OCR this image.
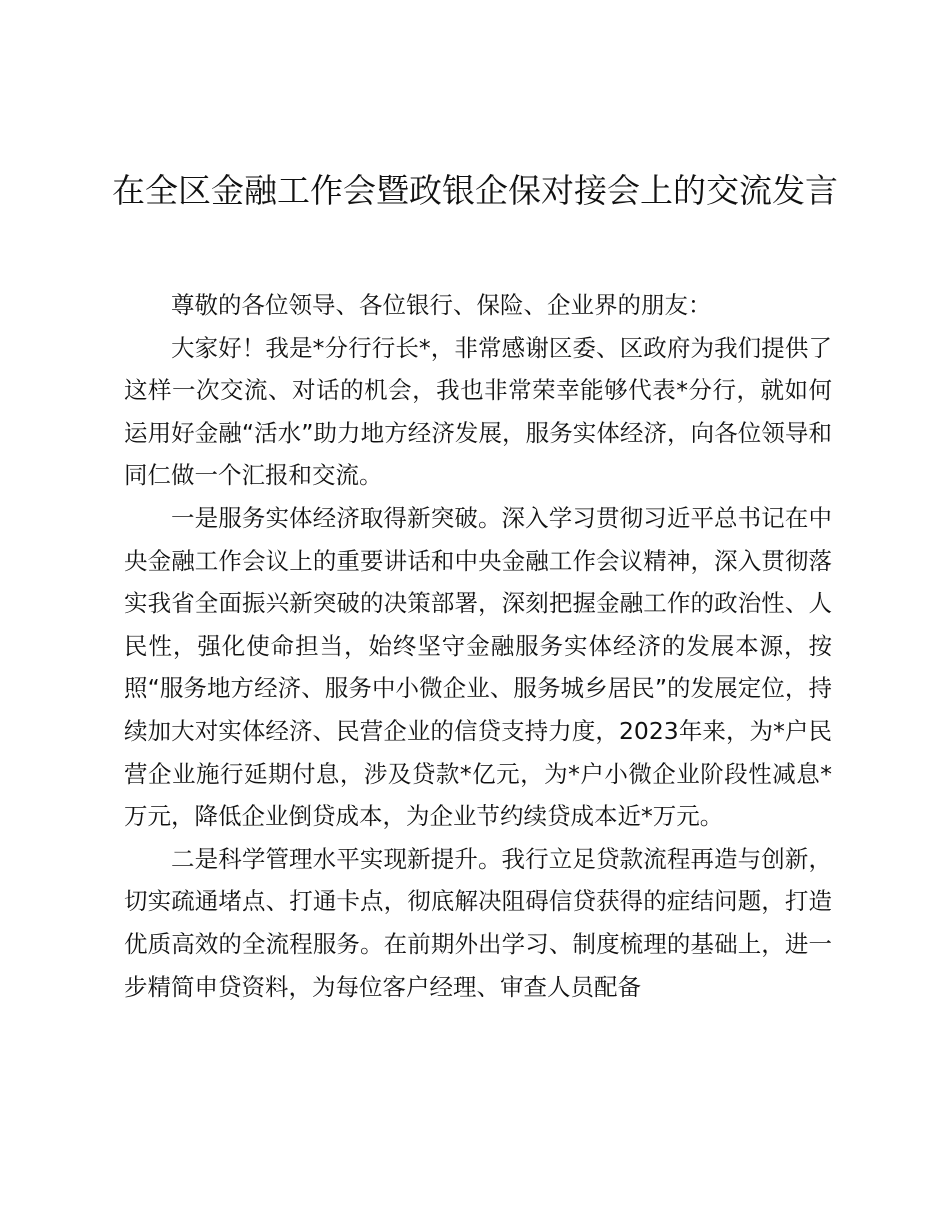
在全区金融工作会暨政银企保对接会上的交流发言

尊敬的各位领导、各位银行、保险、企业界的朋友：

大家好！我是*分行行长*，非常感谢区委、区政府为我们提供了这样一次交流、对话的机会，我也非常荣幸能够代表*分行，就如何运用好金融“活水”助力地方经济发展，服务实体经济，向各位领导和同仁做一个汇报和交流。

一是服务实体经济取得新突破。深入学习贯彻习近平总书记在中央金融工作会议上的重要讲话和中央金融工作会议精神，深入贯彻落实我省全面振兴新突破的决策部署，深刻把握金融工作的政治性、人民性，强化使命担当，始终坚守金融服务实体经济的发展本源，按照“服务地方经济、服务中小微企业、服务城乡居民”的发展定位，持续加大对实体经济、民营企业的信贷支持力度，2023年来，为*户民营企业施行延期付息，涉及贷款*亿元，为*户小微企业阶段性减息*万元，降低企业倒贷成本，为企业节约续贷成本近*万元。

二是科学管理水平实现新提升。我行立足贷款流程再造与创新，切实疏通堵点、打通卡点，彻底解决阻碍信贷获得的症结问题，打造优质高效的全流程服务。在前期外出学习、制度梳理的基础上，进一步精简申贷资料，为每位客户经理、审查人员配备
